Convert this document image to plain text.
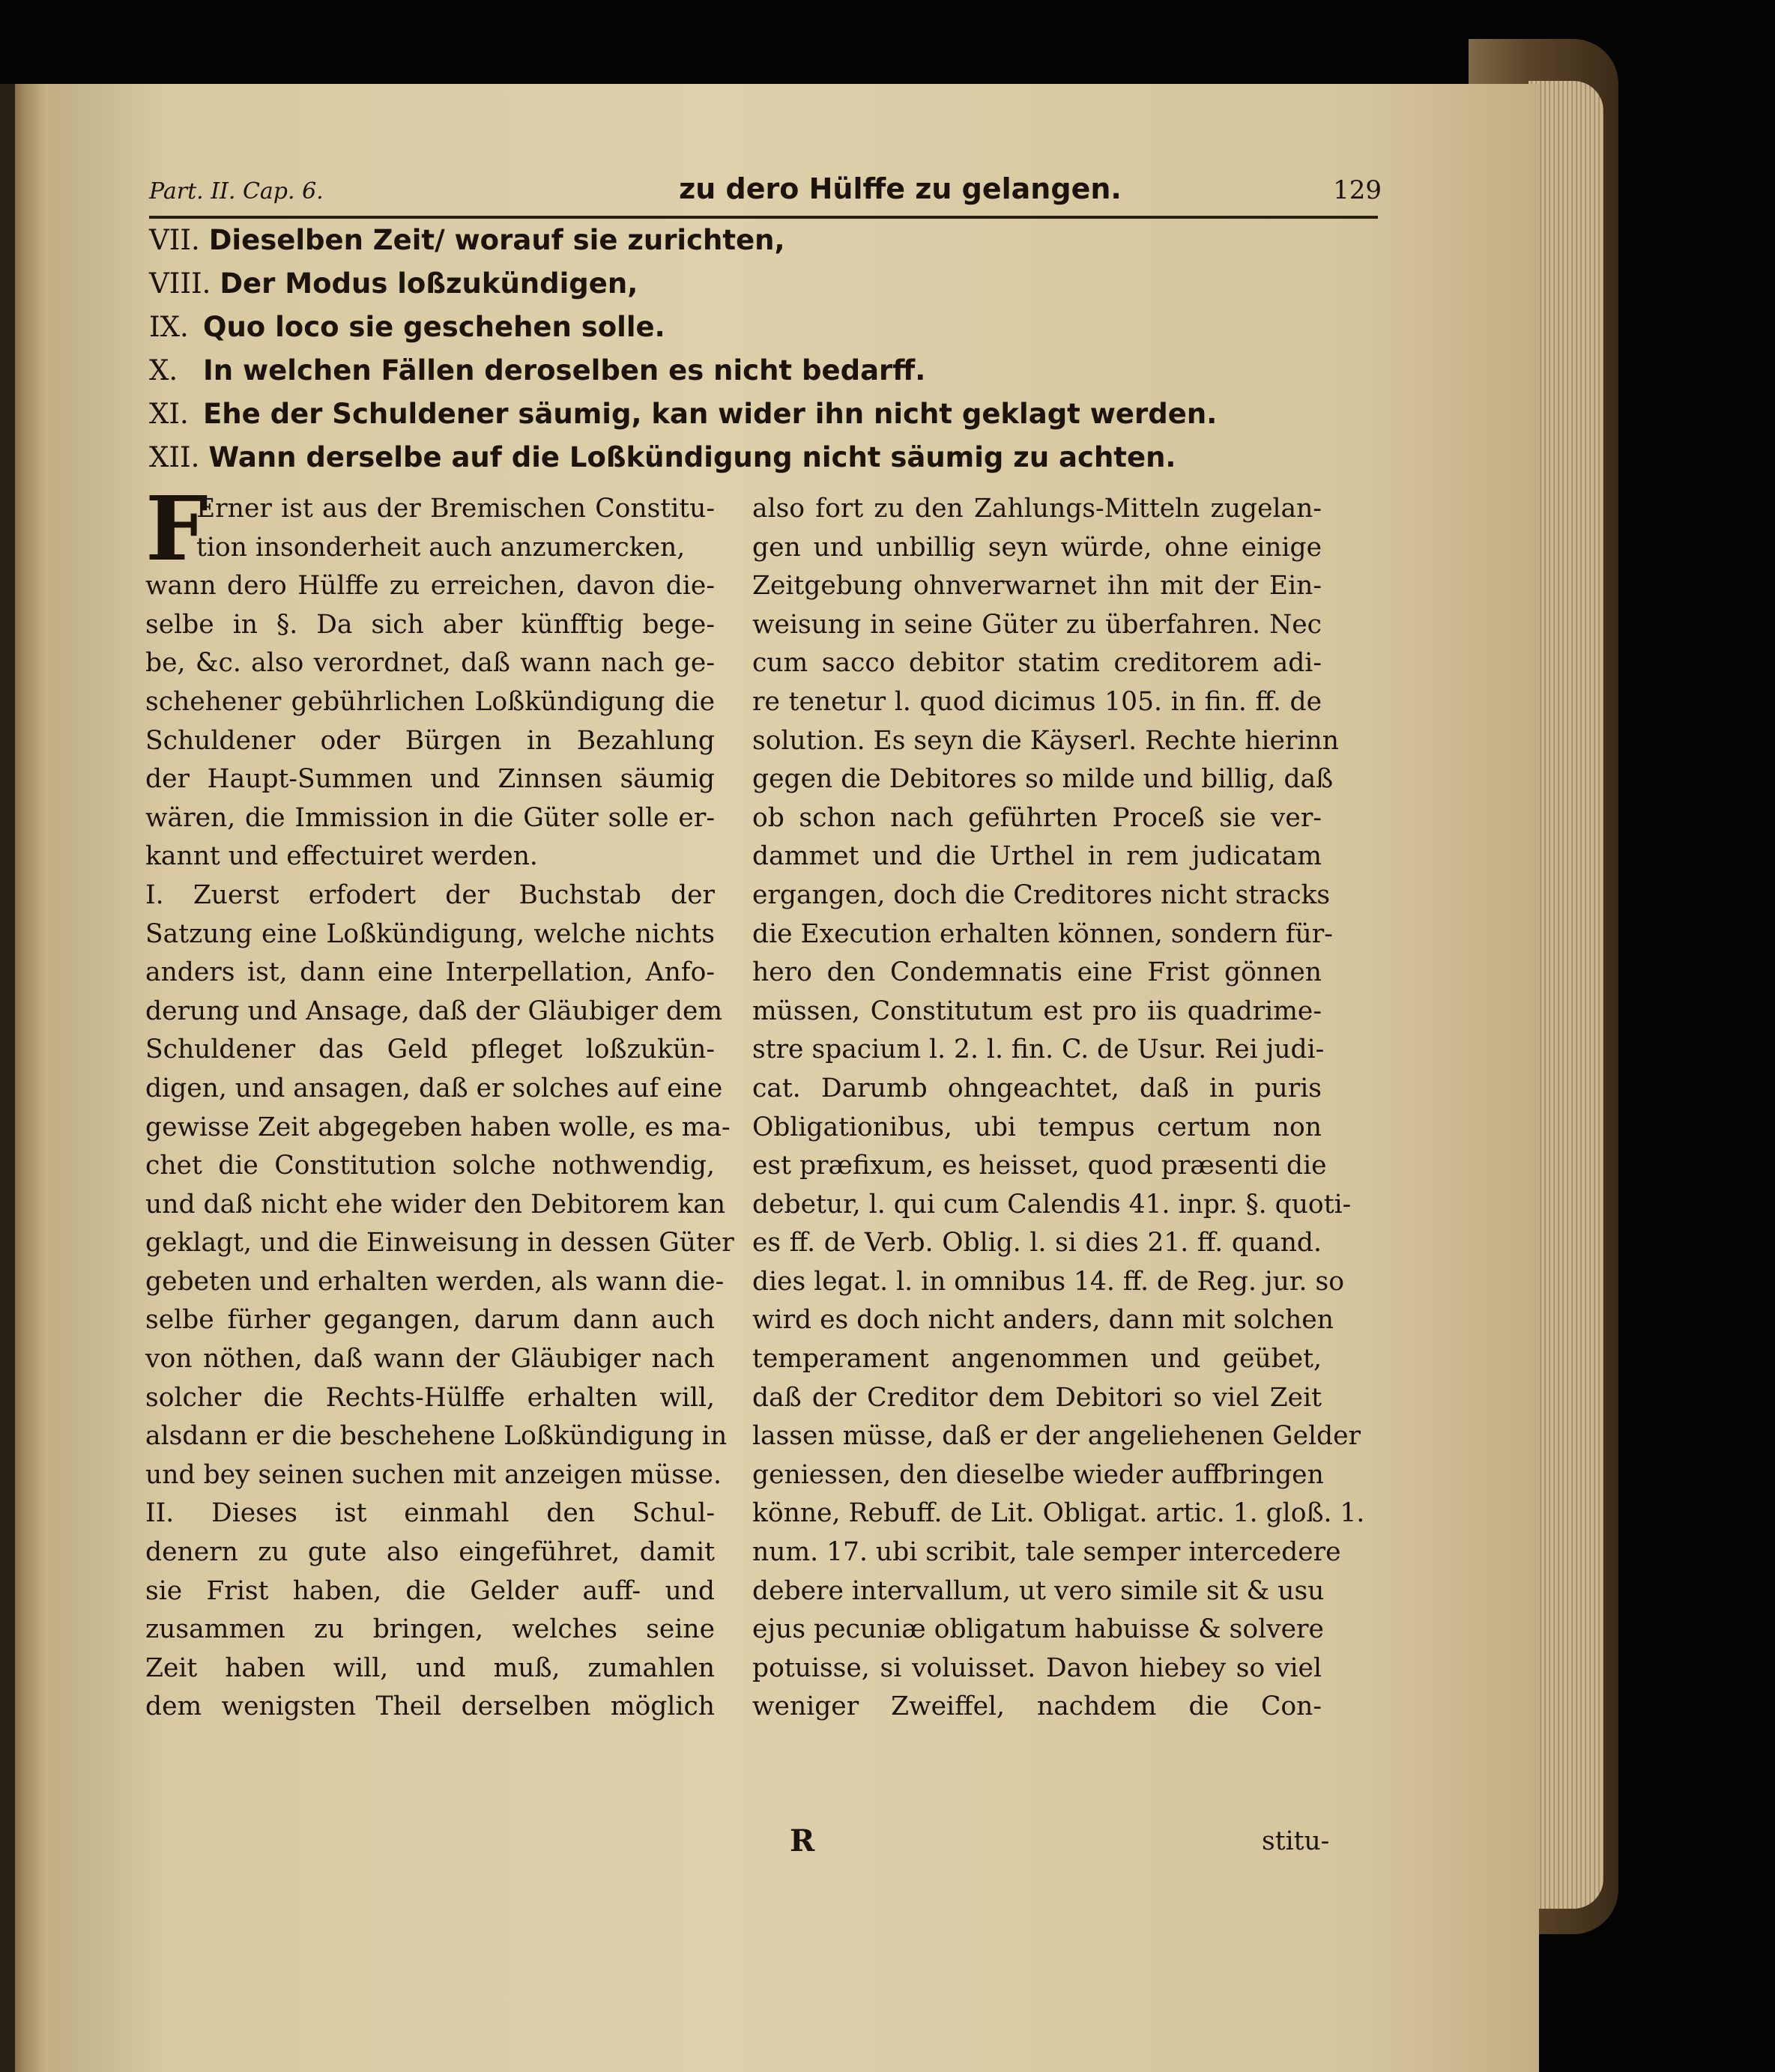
Part. II. Cap. 6.	zu dero Hülffe zu gelangen.	129
VII. Dieselben Zeit/ worauf sie zurichten,
VIII. Der Modus loßzukündigen,
IX. Quo loco sie geschehen solle.
X. In welchen Fällen deroselben es nicht bedarff.
XI. Ehe der Schuldener säumig, kan wider ihn nicht geklagt werden.
XII. Wann derselbe auf die Loßkündigung nicht säumig zu achten.
F
Erner ist aus der Bremischen Constitu-
tion insonderheit auch anzumercken,
wann dero Hülffe zu erreichen, davon die-
selbe in §. Da sich aber künfftig bege-
be, &c. also verordnet, daß wann nach ge-
schehener gebührlichen Loßkündigung die
Schuldener oder Bürgen in Bezahlung
der Haupt-Summen und Zinnsen säumig
wären, die Immission in die Güter solle er-
kannt und effectuiret werden.
I. Zuerst erfodert der Buchstab der
Satzung eine Loßkündigung, welche nichts
anders ist, dann eine Interpellation, Anfo-
derung und Ansage, daß der Gläubiger dem
Schuldener das Geld pfleget loßzukün-
digen, und ansagen, daß er solches auf eine
gewisse Zeit abgegeben haben wolle, es ma-
chet die Constitution solche nothwendig,
und daß nicht ehe wider den Debitorem kan
geklagt, und die Einweisung in dessen Güter
gebeten und erhalten werden, als wann die-
selbe fürher gegangen, darum dann auch
von nöthen, daß wann der Gläubiger nach
solcher die Rechts-Hülffe erhalten will,
alsdann er die beschehene Loßkündigung in
und bey seinen suchen mit anzeigen müsse.
II. Dieses ist einmahl den Schul-
denern zu gute also eingeführet, damit
sie Frist haben, die Gelder auff- und
zusammen zu bringen, welches seine
Zeit haben will, und muß, zumahlen
dem wenigsten Theil derselben möglich
also fort zu den Zahlungs-Mitteln zugelan-
gen und unbillig seyn würde, ohne einige
Zeitgebung ohnverwarnet ihn mit der Ein-
weisung in seine Güter zu überfahren. Nec
cum sacco debitor statim creditorem adi-
re tenetur l. quod dicimus 105. in fin. ff. de
solution. Es seyn die Käyserl. Rechte hierinn
gegen die Debitores so milde und billig, daß
ob schon nach geführten Proceß sie ver-
dammet und die Urthel in rem judicatam
ergangen, doch die Creditores nicht stracks
die Execution erhalten können, sondern für-
hero den Condemnatis eine Frist gönnen
müssen, Constitutum est pro iis quadrime-
stre spacium l. 2. l. fin. C. de Usur. Rei judi-
cat. Darumb ohngeachtet, daß in puris
Obligationibus, ubi tempus certum non
est præfixum, es heisset, quod præsenti die
debetur, l. qui cum Calendis 41. inpr. §. quoti-
es ff. de Verb. Oblig. l. si dies 21. ff. quand.
dies legat. l. in omnibus 14. ff. de Reg. jur. so
wird es doch nicht anders, dann mit solchen
temperament angenommen und geübet,
daß der Creditor dem Debitori so viel Zeit
lassen müsse, daß er der angeliehenen Gelder
geniessen, den dieselbe wieder auffbringen
könne, Rebuff. de Lit. Obligat. artic. 1. gloß. 1.
num. 17. ubi scribit, tale semper intercedere
debere intervallum, ut vero simile sit & usu
ejus pecuniæ obligatum habuisse & solvere
potuisse, si voluisset. Davon hiebey so viel
weniger Zweiffel, nachdem die Con-
R	stitu-
